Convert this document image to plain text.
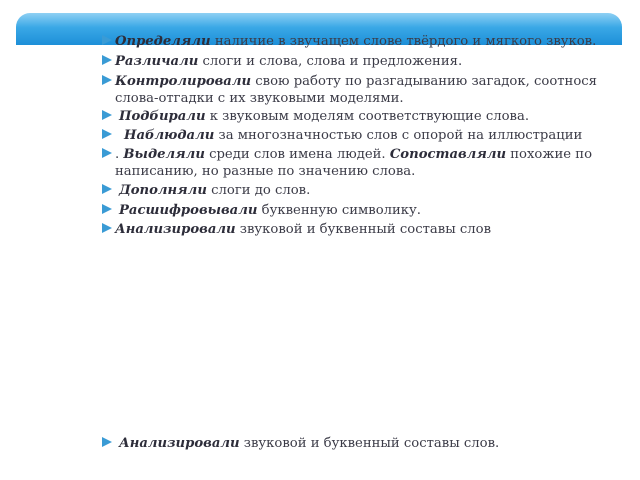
Определяли наличие в звучащем слове твёрдого и мягкого звуков.
Различали слоги и слова, слова и предложения.
Контролировали свою работу по разгадыванию загадок, соотнося слова-отгадки с их звуковыми моделями.
Подбирали к звуковым моделям соответствующие слова.
Наблюдали за многозначностью слов с опорой на иллюстрации
. Выделяли среди слов имена людей. Сопоставляли похожие по написанию, но разные по значению слова.
Дополняли слоги до слов.
Расшифровывали буквенную символику.
Анализировали звуковой и буквенный составы слов
Анализировали звуковой и буквенный составы слов.
